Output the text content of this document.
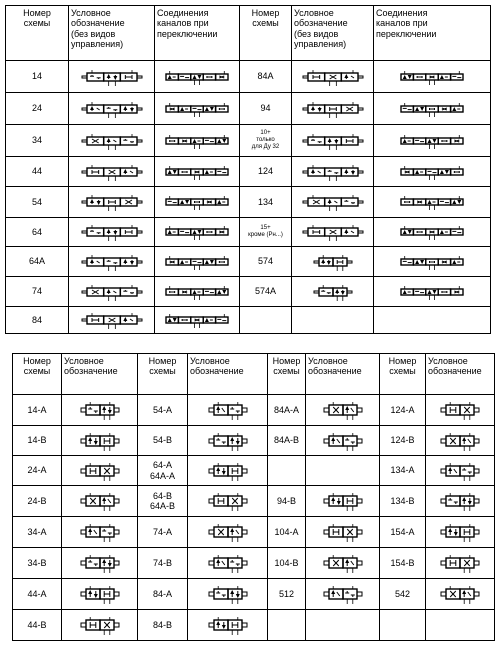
Номер
схемы	Условное
обозначение
(без видов
управления)	Соединения
каналов при
переключении	Номер
схемы	Условное
обозначение
(без видов
управления)	Соединения
каналов при
переключении
14			84A	

24			94	

34			10+
только
для Ду 32	

44			124	

54			134	

64			15+
кроме (Рн...)	

64A			574	

74			574A	

84	

Номер
схемы	Условное
обозначение	Номер
схемы	Условное
обозначение	Номер
схемы	Условное
обозначение	Номер
схемы	Условное
обозначение
14-A		54-A		84A-A		124-A	

14-B		54-B		84A-B		124-B	

24-A		64-A
64A-A				134-A	

24-B		64-B
64A-B		94-B		134-B	

34-A		74-A		104-A		154-A	

34-B		74-B		104-B		154-B	

44-A		84-A		512		542	

44-B		84-B	
